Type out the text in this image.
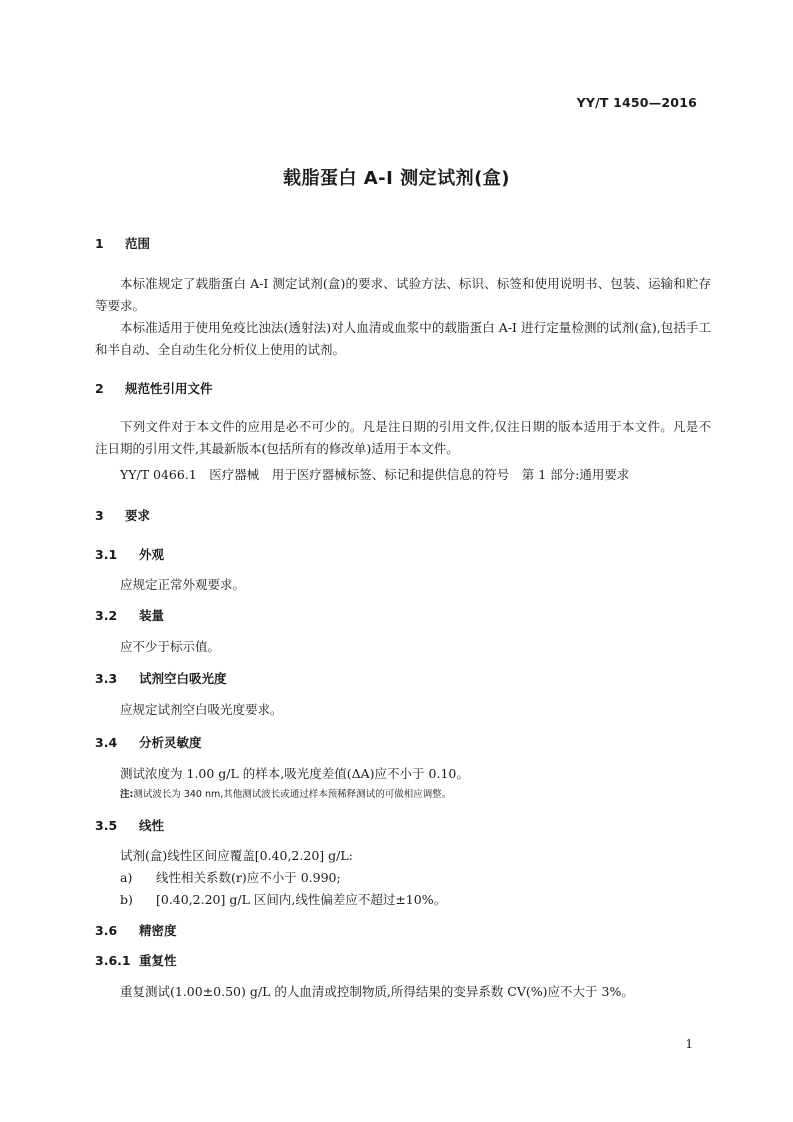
YY/T 1450—2016
载脂蛋白 A-I 测定试剂(盒)
1 范围
本标准规定了载脂蛋白 A-I 测定试剂(盒)的要求、试验方法、标识、标签和使用说明书、包装、运输和贮存等要求。
本标准适用于使用免疫比浊法(透射法)对人血清或血浆中的载脂蛋白 A-I 进行定量检测的试剂(盒),包括手工和半自动、全自动生化分析仪上使用的试剂。
2 规范性引用文件
下列文件对于本文件的应用是必不可少的。凡是注日期的引用文件,仅注日期的版本适用于本文件。凡是不注日期的引用文件,其最新版本(包括所有的修改单)适用于本文件。
YY/T 0466.1　医疗器械　用于医疗器械标签、标记和提供信息的符号　第 1 部分:通用要求
3 要求
3.1 外观
应规定正常外观要求。
3.2 装量
应不少于标示值。
3.3 试剂空白吸光度
应规定试剂空白吸光度要求。
3.4 分析灵敏度
测试浓度为 1.00 g/L 的样本,吸光度差值(ΔA)应不小于 0.10。
注:测试波长为 340 nm,其他测试波长或通过样本预稀释测试的可做相应调整。
3.5 线性
试剂(盒)线性区间应覆盖[0.40,2.20] g/L:
a) 线性相关系数(r)应不小于 0.990;
b) [0.40,2.20] g/L 区间内,线性偏差应不超过±10%。
3.6 精密度
3.6.1 重复性
重复测试(1.00±0.50) g/L 的人血清或控制物质,所得结果的变异系数 CV(%)应不大于 3%。
1
